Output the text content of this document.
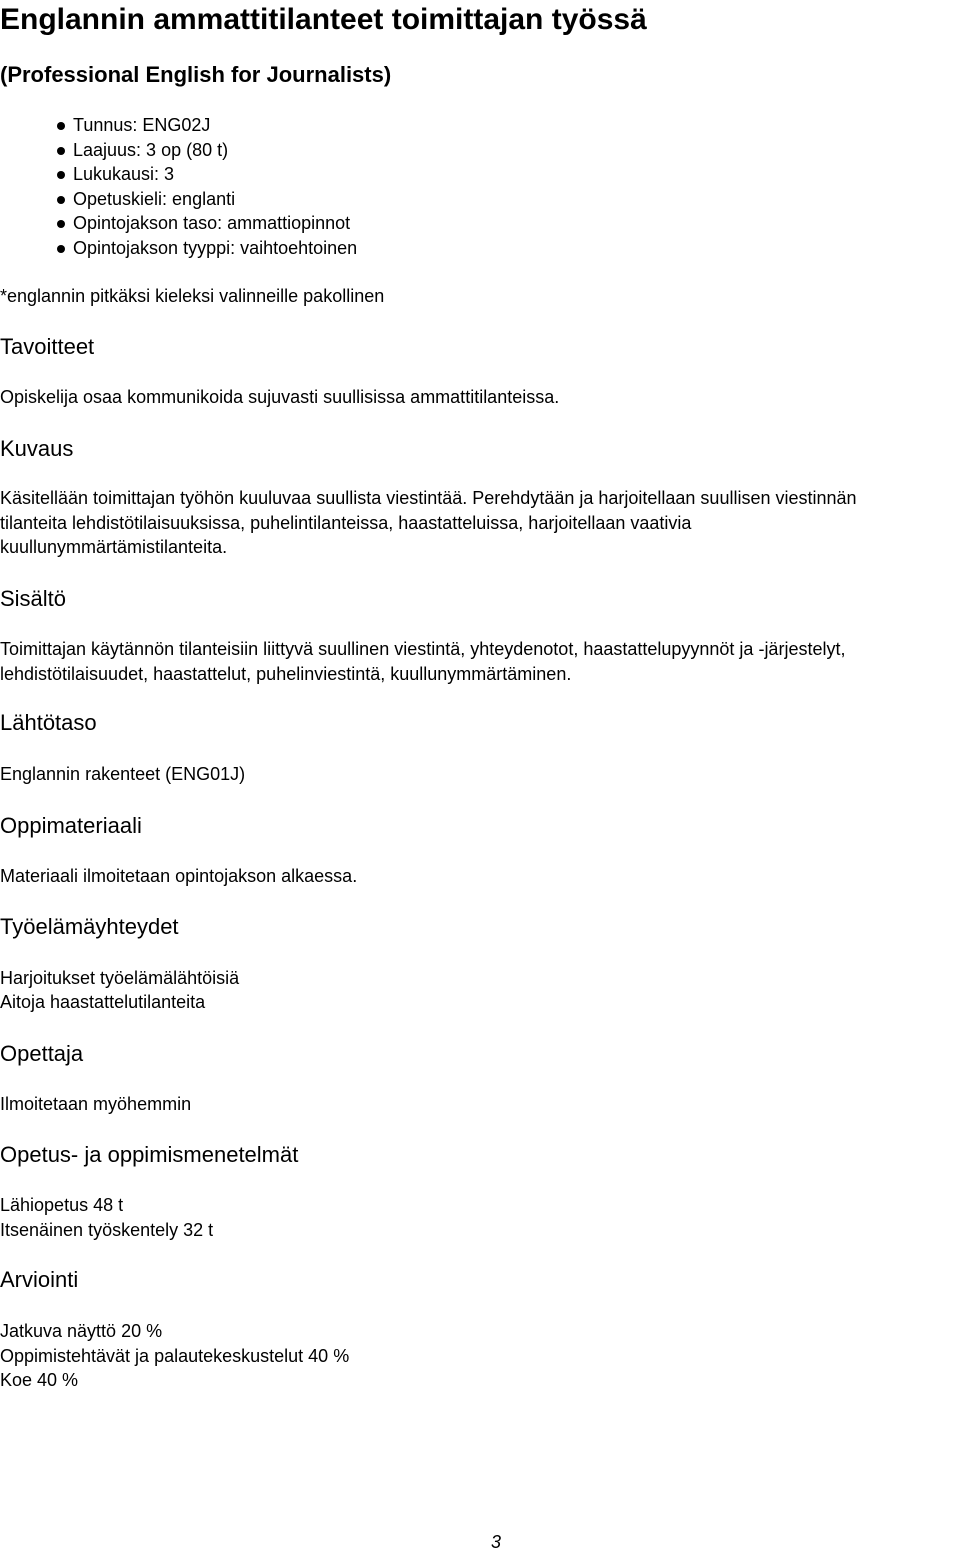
Englannin ammattitilanteet toimittajan työssä
(Professional English for Journalists)
Tunnus: ENG02J
Laajuus: 3 op (80 t)
Lukukausi: 3
Opetuskieli: englanti
Opintojakson taso: ammattiopinnot
Opintojakson tyyppi: vaihtoehtoinen

*englannin pitkäksi kieleksi valinneille pakollinen

Tavoitteet

Opiskelija osaa kommunikoida sujuvasti suullisissa ammattitilanteissa.

Kuvaus

Käsitellään toimittajan työhön kuuluvaa suullista viestintää. Perehdytään ja harjoitellaan suullisen viestinnän

tilanteita lehdistötilaisuuksissa, puhelintilanteissa, haastatteluissa, harjoitellaan vaativia

kuullunymmärtämistilanteita.

Sisältö

Toimittajan käytännön tilanteisiin liittyvä suullinen viestintä, yhteydenotot, haastattelupyynnöt ja -järjestelyt,

lehdistötilaisuudet, haastattelut, puhelinviestintä, kuullunymmärtäminen.

Lähtötaso

Englannin rakenteet (ENG01J)

Oppimateriaali

Materiaali ilmoitetaan opintojakson alkaessa.

Työelämäyhteydet

Harjoitukset työelämälähtöisiä

Aitoja haastattelutilanteita

Opettaja

Ilmoitetaan myöhemmin

Opetus- ja oppimismenetelmät

Lähiopetus 48 t

Itsenäinen työskentely 32 t

Arviointi

Jatkuva näyttö 20 %

Oppimistehtävät ja palautekeskustelut 40 %

Koe 40 %

3
